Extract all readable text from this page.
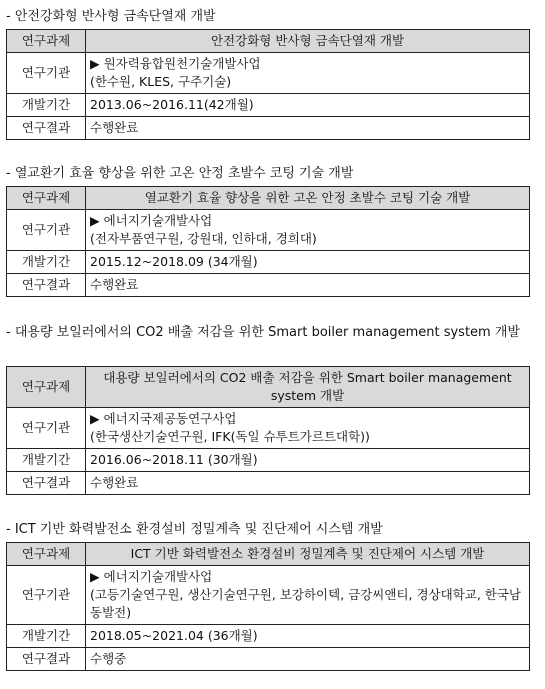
- 안전강화형 반사형 금속단열재 개발
연구과제	안전강화형 반사형 금속단열재 개발
연구기관	▶ 원자력융합원천기술개발사업
(한수원, KLES, 구주기술)

개발기간	2013.06~2016.11(42개월)
연구결과	수행완료
- 열교환기 효율 향상을 위한 고온 안정 초발수 코팅 기술 개발
연구과제	열교환기 효율 향상을 위한 고온 안정 초발수 코팅 기술 개발
연구기관	▶ 에너지기술개발사업
(전자부품연구원, 강원대, 인하대, 경희대)

개발기간	2015.12~2018.09 (34개월)
연구결과	수행완료
- 대용량 보일러에서의 CO2 배출 저감을 위한 Smart boiler management system 개발
연구과제	대용량 보일러에서의 CO2 배출 저감을 위한 Smart boiler management system 개발
연구기관	▶ 에너지국제공동연구사업
(한국생산기술연구원, IFK(독일 슈투트가르트대학))

개발기간	2016.06~2018.11 (30개월)
연구결과	수행완료
- ICT 기반 화력발전소 환경설비 정밀계측 및 진단제어 시스템 개발
연구과제	ICT 기반 화력발전소 환경설비 정밀계측 및 진단제어 시스템 개발
연구기관	▶ 에너지기술개발사업
(고등기술연구원, 생산기술연구원, 보강하이텍, 금강씨앤티, 경상대학교, 한국남동발전)

개발기간	2018.05~2021.04 (36개월)
연구결과	수행중
